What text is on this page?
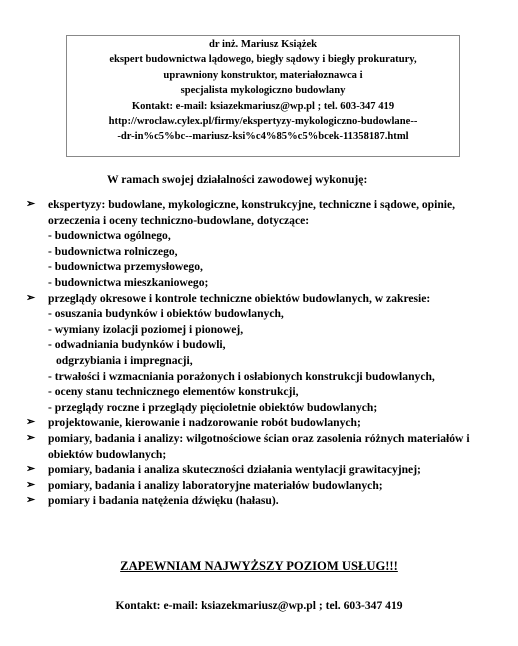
dr inż. Mariusz Książek
ekspert budownictwa lądowego, biegły sądowy i biegły prokuratury,
uprawniony konstruktor, materiałoznawca i
specjalista mykologiczno budowlany
Kontakt: e-mail: ksiazekmariusz@wp.pl ; tel. 603-347 419
http://wroclaw.cylex.pl/firmy/ekspertyzy-mykologiczno-budowlane--
-dr-in%c5%bc--mariusz-ksi%c4%85%c5%bcek-11358187.html
W ramach swojej działalności zawodowej wykonuję:
➢ ekspertyzy: budowlane, mykologiczne, konstrukcyjne, techniczne i sądowe, opinie, orzeczenia i oceny techniczno-budowlane, dotyczące:
- budownictwa ogólnego,
- budownictwa rolniczego,
- budownictwa przemysłowego,
- budownictwa mieszkaniowego;
➢ przeglądy okresowe i kontrole techniczne obiektów budowlanych, w zakresie:
- osuszania budynków i obiektów budowlanych,
- wymiany izolacji poziomej i pionowej,
- odwadniania budynków i budowli,
odgrzybiania i impregnacji,
- trwałości i wzmacniania porażonych i osłabionych konstrukcji budowlanych,
- oceny stanu technicznego elementów konstrukcji,
- przeglądy roczne i przeglądy pięcioletnie obiektów budowlanych;
➢ projektowanie, kierowanie i nadzorowanie robót budowlanych;
➢ pomiary, badania i analizy: wilgotnościowe ścian oraz zasolenia różnych materiałów i obiektów budowlanych;
➢ pomiary, badania i analiza skuteczności działania wentylacji grawitacyjnej;
➢ pomiary, badania i analizy laboratoryjne materiałów budowlanych;
➢ pomiary i badania natężenia dźwięku (hałasu).
ZAPEWNIAM NAJWYŻSZY POZIOM USŁUG!!!
Kontakt: e-mail: ksiazekmariusz@wp.pl ; tel. 603-347 419
